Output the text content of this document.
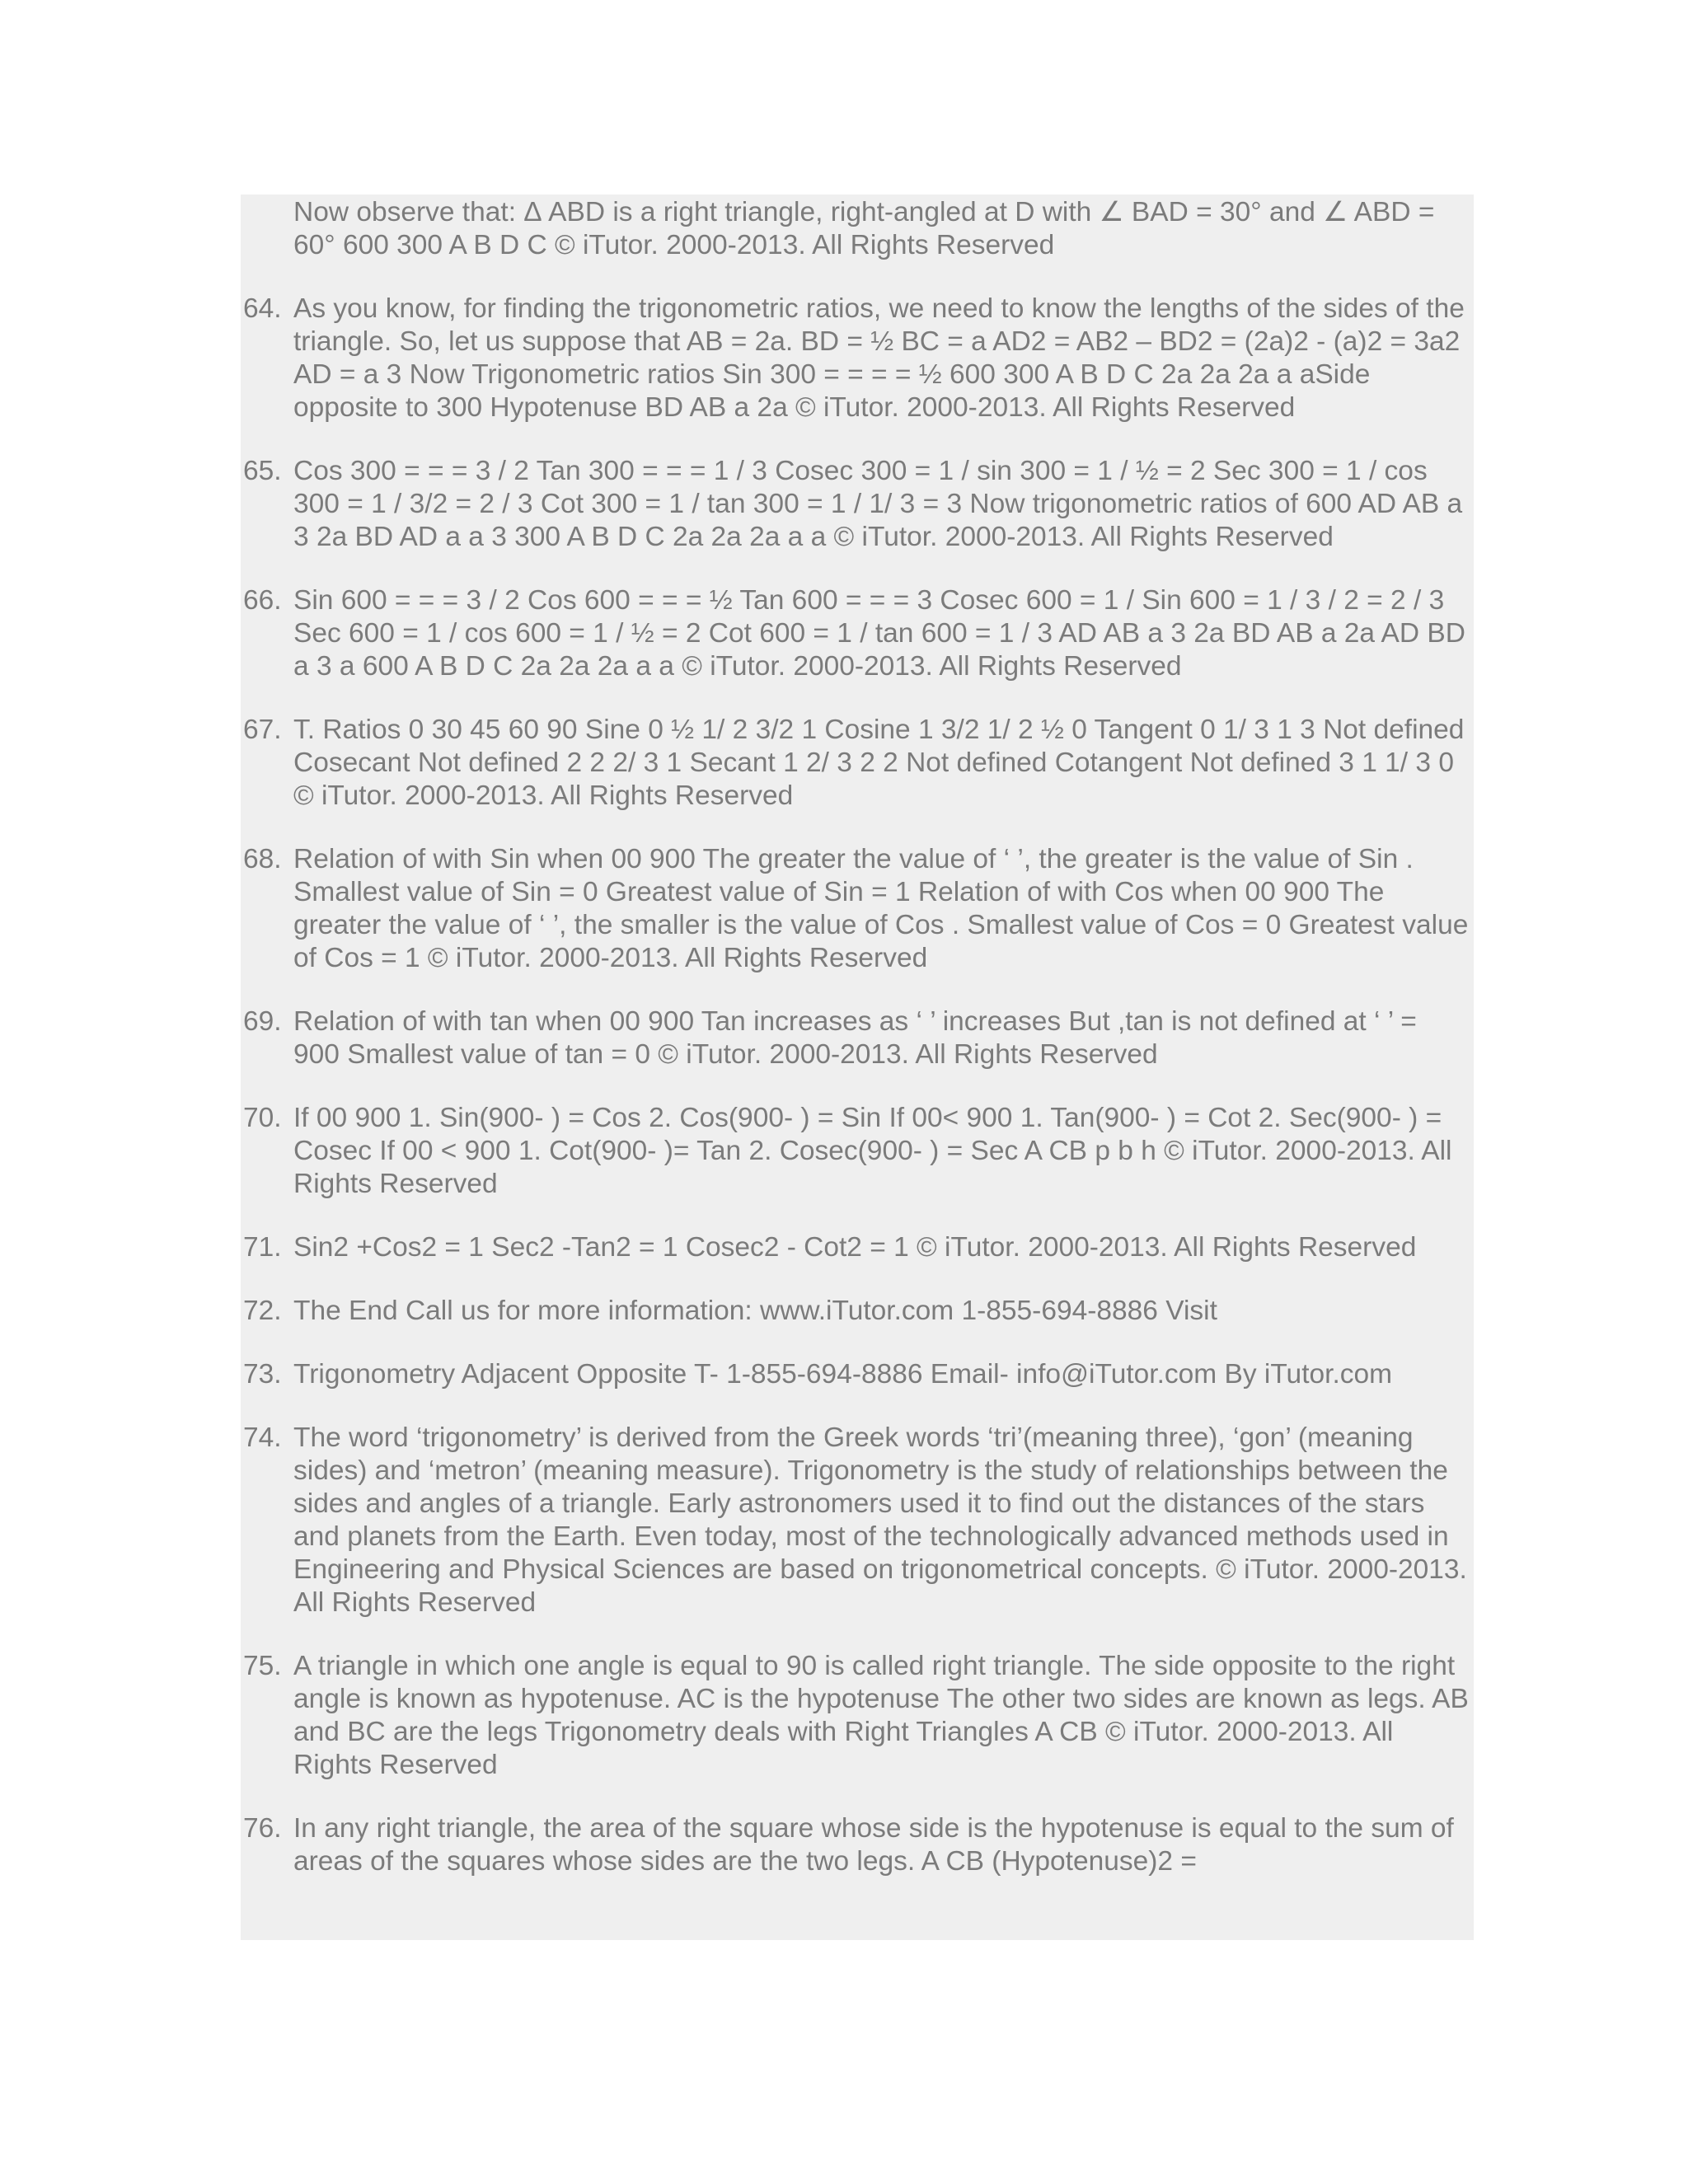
Now observe that: Δ ABD is a right triangle, right-angled at D with ∠ BAD = 30° and ∠ ABD = 60° 600 300 A B D C © iTutor. 2000-2013. All Rights Reserved
64. As you know, for finding the trigonometric ratios, we need to know the lengths of the sides of the triangle. So, let us suppose that AB = 2a. BD = ½ BC = a AD2 = AB2 – BD2 = (2a)2 - (a)2 = 3a2 AD = a 3 Now Trigonometric ratios Sin 300 = = = = ½ 600 300 A B D C 2a 2a 2a a aSide opposite to 300 Hypotenuse BD AB a 2a © iTutor. 2000-2013. All Rights Reserved
65. Cos 300 = = = 3 / 2 Tan 300 = = = 1 / 3 Cosec 300 = 1 / sin 300 = 1 / ½ = 2 Sec 300 = 1 / cos 300 = 1 / 3/2 = 2 / 3 Cot 300 = 1 / tan 300 = 1 / 1/ 3 = 3 Now trigonometric ratios of 600 AD AB a 3 2a BD AD a a 3 300 A B D C 2a 2a 2a a a © iTutor. 2000-2013. All Rights Reserved
66. Sin 600 = = = 3 / 2 Cos 600 = = = ½ Tan 600 = = = 3 Cosec 600 = 1 / Sin 600 = 1 / 3 / 2 = 2 / 3 Sec 600 = 1 / cos 600 = 1 / ½ = 2 Cot 600 = 1 / tan 600 = 1 / 3 AD AB a 3 2a BD AB a 2a AD BD a 3 a 600 A B D C 2a 2a 2a a a © iTutor. 2000-2013. All Rights Reserved
67. T. Ratios 0 30 45 60 90 Sine 0 ½ 1/ 2 3/2 1 Cosine 1 3/2 1/ 2 ½ 0 Tangent 0 1/ 3 1 3 Not defined Cosecant Not defined 2 2 2/ 3 1 Secant 1 2/ 3 2 2 Not defined Cotangent Not defined 3 1 1/ 3 0 © iTutor. 2000-2013. All Rights Reserved
68. Relation of with Sin when 00 900 The greater the value of ‘ ’, the greater is the value of Sin . Smallest value of Sin = 0 Greatest value of Sin = 1 Relation of with Cos when 00 900 The greater the value of ‘ ’, the smaller is the value of Cos . Smallest value of Cos = 0 Greatest value of Cos = 1 © iTutor. 2000-2013. All Rights Reserved
69. Relation of with tan when 00 900 Tan increases as ‘ ’ increases But ,tan is not defined at ‘ ’ = 900 Smallest value of tan = 0 © iTutor. 2000-2013. All Rights Reserved
70. If 00 900 1. Sin(900- ) = Cos 2. Cos(900- ) = Sin If 00< 900 1. Tan(900- ) = Cot 2. Sec(900- ) = Cosec If 00 < 900 1. Cot(900- )= Tan 2. Cosec(900- ) = Sec A CB p b h © iTutor. 2000-2013. All Rights Reserved
71. Sin2 +Cos2 = 1 Sec2 -Tan2 = 1 Cosec2 - Cot2 = 1 © iTutor. 2000-2013. All Rights Reserved
72. The End Call us for more information: www.iTutor.com 1-855-694-8886 Visit
73. Trigonometry Adjacent Opposite T- 1-855-694-8886 Email- info@iTutor.com By iTutor.com
74. The word ‘trigonometry’ is derived from the Greek words ‘tri’(meaning three), ‘gon’ (meaning sides) and ‘metron’ (meaning measure). Trigonometry is the study of relationships between the sides and angles of a triangle. Early astronomers used it to find out the distances of the stars and planets from the Earth. Even today, most of the technologically advanced methods used in Engineering and Physical Sciences are based on trigonometrical concepts. © iTutor. 2000-2013. All Rights Reserved
75. A triangle in which one angle is equal to 90 is called right triangle. The side opposite to the right angle is known as hypotenuse. AC is the hypotenuse The other two sides are known as legs. AB and BC are the legs Trigonometry deals with Right Triangles A CB © iTutor. 2000-2013. All Rights Reserved
76. In any right triangle, the area of the square whose side is the hypotenuse is equal to the sum of areas of the squares whose sides are the two legs. A CB (Hypotenuse)2 =
